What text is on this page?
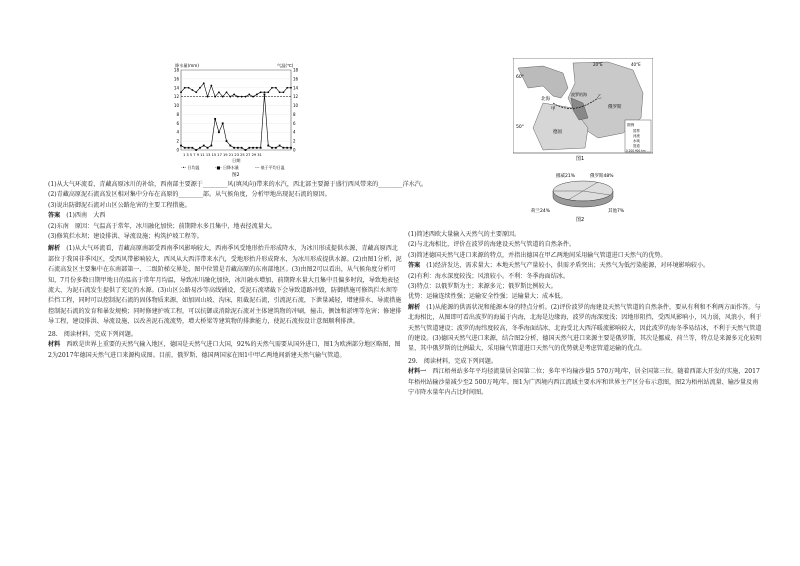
0	0
2	2
4	4
6	6
8	8
10	10
12	12
14	14
16	16
18	18
降水量(mm)	气温(℃)
1 3 5 7 9 11 13 15 17 19 21 23 25 27 29 31
日期
-•- 日均温	-■- 日降水量	--- 低于平均日温
图2

(1)从大气环流看，青藏高原冰川的补给，西南部主要源于________风(填风向)带来的水汽，西北部主要源于盛行西风带来的________洋水汽。

(2)青藏高原泥石流高发区相对集中分布在高原的________部。从气候角度，分析甲地出现泥石流的原因。

(3)说出防御泥石流对山区公路危害的主要工程措施。

答案　 (1)西南　大西

(2)东南　原因：气温高于常年，冰川融化加快；前期降水多且集中，地表径流量大。

(3)修筑拦水坝；建设排洪、导流设施；构筑护坡工程等。

解析　 (1)从大气环流看，青藏高原南部受西南季风影响较大，西南季风受地形抬升形成降水，为冰川形成提供水源，青藏高原西北部位于我国非季风区，受西风带影响较大，西风从大西洋带来水汽，受地形抬升形成降水，为冰川形成提供水源。(2)由图1分析，泥石流高发区主要集中在东南部第一、二级阶梯交界处，图中位置是青藏高原的东南部地区。(3)由图2可以看出，从气候角度分析可知，7月份多数日期甲地日的温高于常年月均温，导致冰川融化加快，冰川融水增加，前期降水量大且集中且偏多时段，导致地表径流大，为泥石流发生提供了充足的水源。(3)山区公路易沙等高线铺设，受泥石流堵截下会导致道路冲毁，防御措施可修筑拦水坝等拦挡工程，同时可以控制泥石流的固体物质来源，如加固山坡、沟床，阻截泥石流，引流泥石流，下泄量减轻，增建排水、导流措施控制泥石流的发育和暴发规模；同时修建护坡工程，可以抗御或消除泥石流对主体建筑物的冲刷，撞击，侧蚀和淤埋等危害；修建排导工程，建设排洪、导流设施，以改善泥石流流势，增大桥梁等建筑物的排泄能力，使泥石流按设计意图顺利排泄。

28.　阅读材料，完成下列问题。

材料　西欧是世界上重要的天然气输入地区，德国是天然气进口大国，92%的天然气需要从国外进口，图1为欧洲部分地区略图，图2为2017年德国天然气进口来源构成图。目前，俄罗斯、德国两国家在图1中甲乙两地间新建天然气输气管道。

60°
50°
20°E	40°E
北海
波罗的海
甲
乙
德国
俄罗斯
图例
国界
河流
水域
管道
0 200 400 km
图1
挪威21%	俄罗斯48%
荷兰24%	其他7%
图2

(1)简述西欧大量输入天然气的主要原因。

(2)与北海相比，评价在波罗的海建设天然气管道的自然条件。

(3)简述德国天然气进口来源的特点，并指出德国在甲乙两地间采用输气管道进口天然气的优势。

答案　 (1)经济发达，需求量大；本地天然气产量较小，供需矛盾突出；天然气为低污染能源，对环境影响较小。

(2)有利：海水深度较浅；风浪较小。不利：冬季海面结冰。

(3)特点：以俄罗斯为主；来源多元；俄罗斯比例较大。

优势：运输连续性强；运输安全性强；运输量大；成本低。

解析　 (1)从能源的供需状况和能源本身的特点分析。(2)评价波罗的海建设天然气管道的自然条件，要从有利和不利两方面作答。与北海相比，从图即可看出波罗的海属于内海，北海是边缘海，波罗的海深度浅；因地形阻挡，受西风影响小，风力弱，风浪小，利于天然气管道建设；波罗的海纬度较高，冬季海面结冰，北海受北大西洋暖流影响较大，因此波罗的海冬季易结冰，不利于天然气管道的建设。(3)德国天然气进口来源，结合图2分析，德国天然气进口来源主要是俄罗斯，其次是挪威、荷兰等，特点是来源多元化较明显，其中俄罗斯的比例最大，采用输气管道进口天然气的优势就是考虑管道运输的优点。

29.　阅读材料，完成下列问题。

材料一　西江梧州站多年平均径流量居全国第二位；多年平均输沙量5 570万吨/年，居全国第三位。随着西部大开发的实施，2017年梧州站输沙量减少至2 500万吨/年。图1为广西境内西江流域主要水库和世界主产区分布示意图，图2为梧州站流量、输沙量及南宁市降水量年内占比时间图。
